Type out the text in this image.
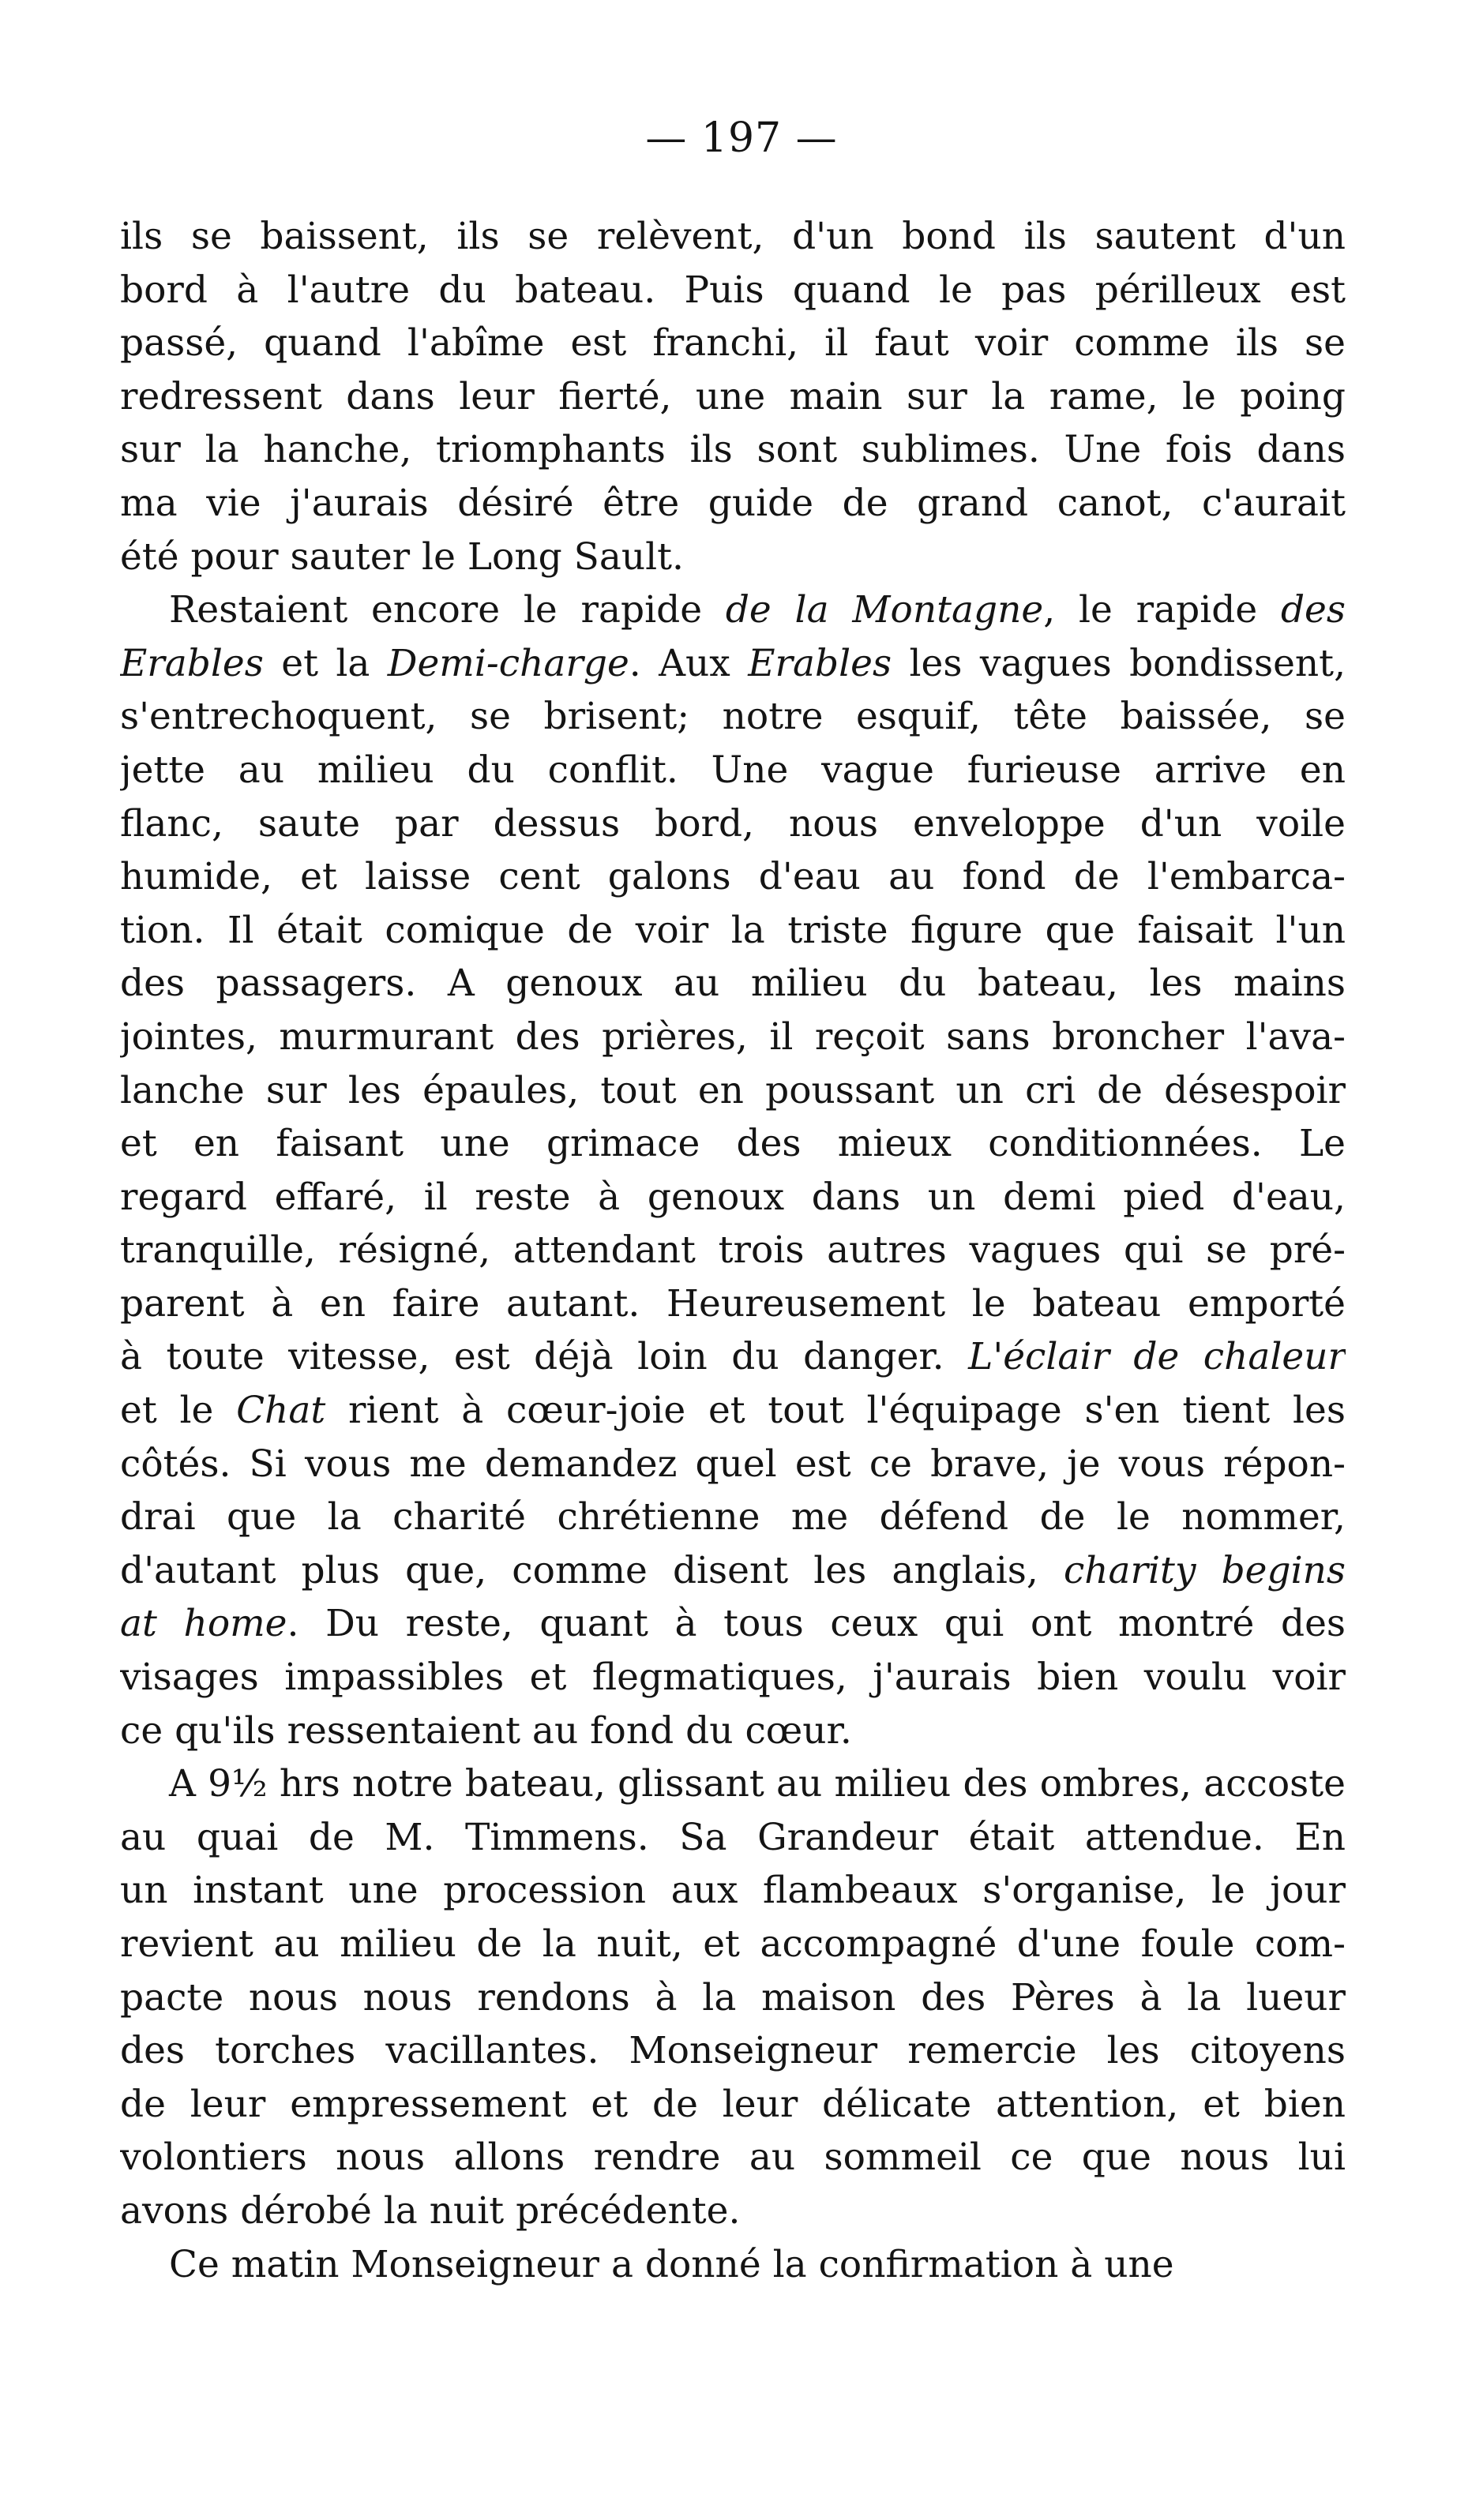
— 197 —
ils se baissent, ils se relèvent, d'un bond ils sautent d'un
bord à l'autre du bateau. Puis quand le pas périlleux est
passé, quand l'abîme est franchi, il faut voir comme ils se
redressent dans leur fierté, une main sur la rame, le poing
sur la hanche, triomphants ils sont sublimes. Une fois dans
ma vie j'aurais désiré être guide de grand canot, c'aurait
été pour sauter le Long Sault.
Restaient encore le rapide de la Montagne, le rapide des
Erables et la Demi-charge. Aux Erables les vagues bondissent,
s'entrechoquent, se brisent; notre esquif, tête baissée, se
jette au milieu du conflit. Une vague furieuse arrive en
flanc, saute par dessus bord, nous enveloppe d'un voile
humide, et laisse cent galons d'eau au fond de l'embarca-
tion. Il était comique de voir la triste figure que faisait l'un
des passagers. A genoux au milieu du bateau, les mains
jointes, murmurant des prières, il reçoit sans broncher l'ava-
lanche sur les épaules, tout en poussant un cri de désespoir
et en faisant une grimace des mieux conditionnées. Le
regard effaré, il reste à genoux dans un demi pied d'eau,
tranquille, résigné, attendant trois autres vagues qui se pré-
parent à en faire autant. Heureusement le bateau emporté
à toute vitesse, est déjà loin du danger. L'éclair de chaleur
et le Chat rient à cœur-joie et tout l'équipage s'en tient les
côtés. Si vous me demandez quel est ce brave, je vous répon-
drai que la charité chrétienne me défend de le nommer,
d'autant plus que, comme disent les anglais, charity begins
at home. Du reste, quant à tous ceux qui ont montré des
visages impassibles et flegmatiques, j'aurais bien voulu voir
ce qu'ils ressentaient au fond du cœur.
A 9½ hrs notre bateau, glissant au milieu des ombres, accoste
au quai de M. Timmens. Sa Grandeur était attendue. En
un instant une procession aux flambeaux s'organise, le jour
revient au milieu de la nuit, et accompagné d'une foule com-
pacte nous nous rendons à la maison des Pères à la lueur
des torches vacillantes. Monseigneur remercie les citoyens
de leur empressement et de leur délicate attention, et bien
volontiers nous allons rendre au sommeil ce que nous lui
avons dérobé la nuit précédente.
Ce matin Monseigneur a donné la confirmation à une
